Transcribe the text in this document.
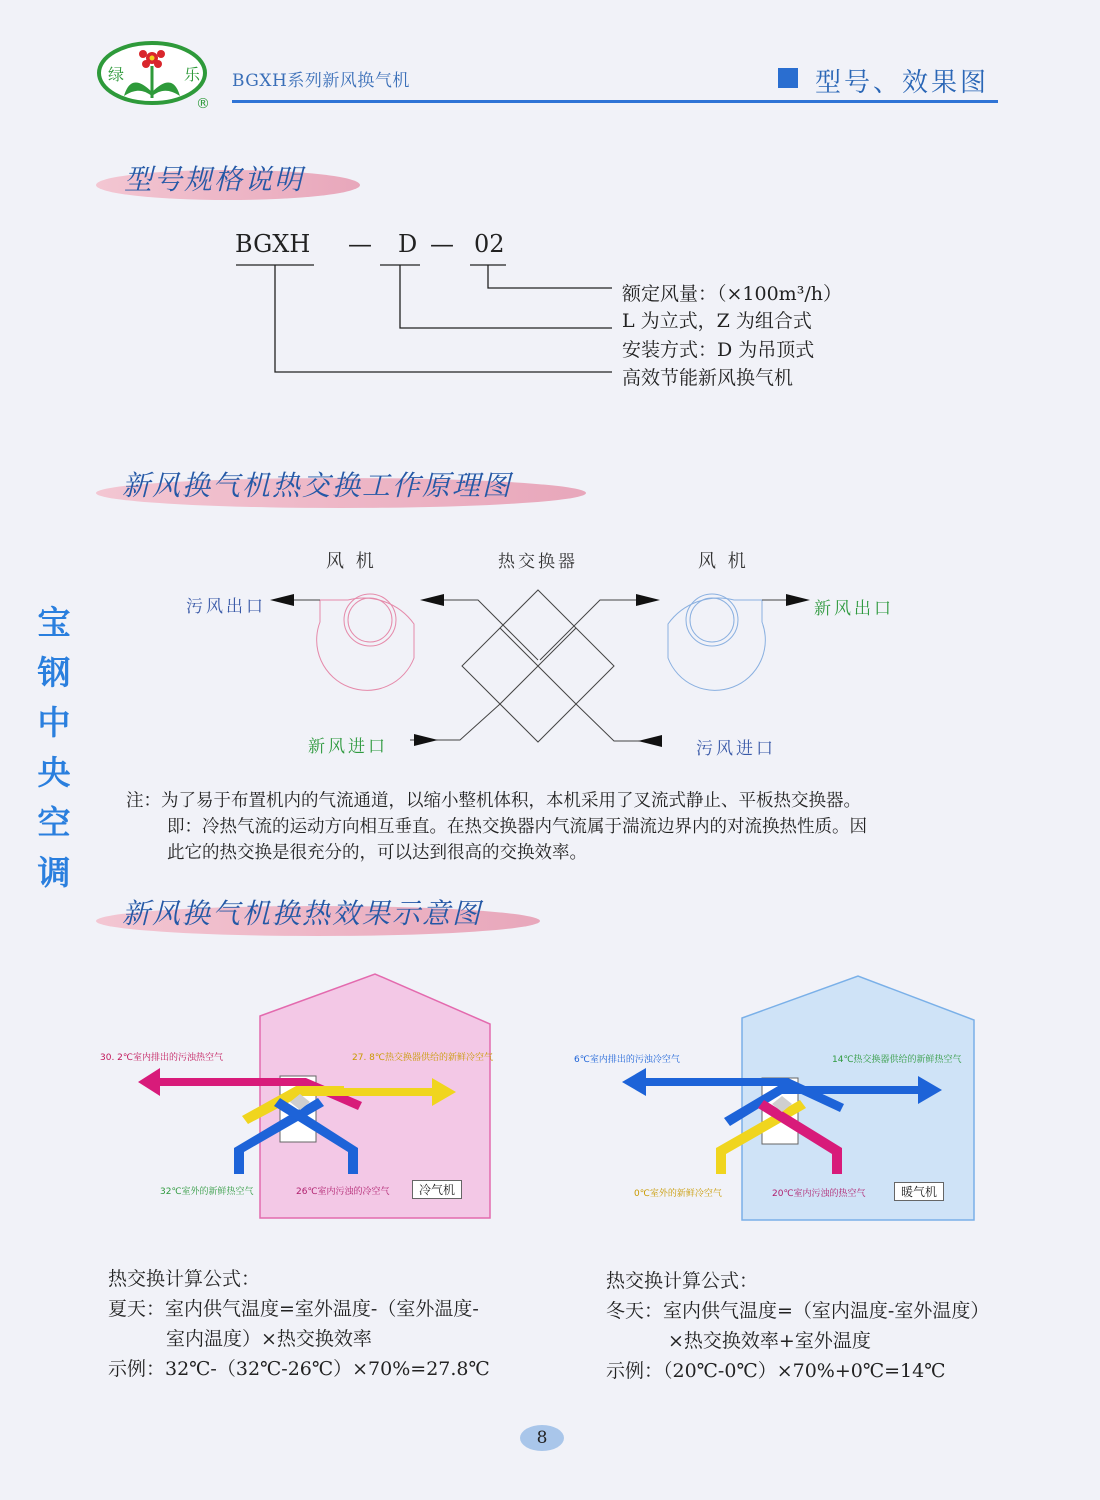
绿	乐
®
BGXH系列新风换气机	型号、效果图
宝
钢
中
央
空
调
型号规格说明
BGXH — D — 02
额定风量：（×100m³/h）
L 为立式，Z 为组合式
安装方式：D 为吊顶式
高效节能新风换气机
新风换气机热交换工作原理图
风 机	热交换器	风 机
污风出口	新风出口
新风进口	污风进口
注：为了易于布置机内的气流通道，以缩小整机体积，本机采用了叉流式静止、平板热交换器。
即：冷热气流的运动方向相互垂直。在热交换器内气流属于湍流边界内的对流换热性质。因
此它的热交换是很充分的，可以达到很高的交换效率。
新风换气机换热效果示意图
30. 2℃室内排出的污浊热空气	27. 8℃热交换器供给的新鲜冷空气
32℃室外的新鲜热空气	26℃室内污浊的冷空气	冷气机
6℃室内排出的污浊冷空气	14℃热交换器供给的新鲜热空气
0℃室外的新鲜冷空气	20℃室内污浊的热空气	暖气机
热交换计算公式：
夏天：室内供气温度=室外温度-（室外温度-
室内温度）×热交换效率
示例：32℃-（32℃-26℃）×70%=27.8℃
热交换计算公式：
冬天：室内供气温度=（室内温度-室外温度）
×热交换效率+室外温度
示例：（20℃-0℃）×70%+0℃=14℃
8
